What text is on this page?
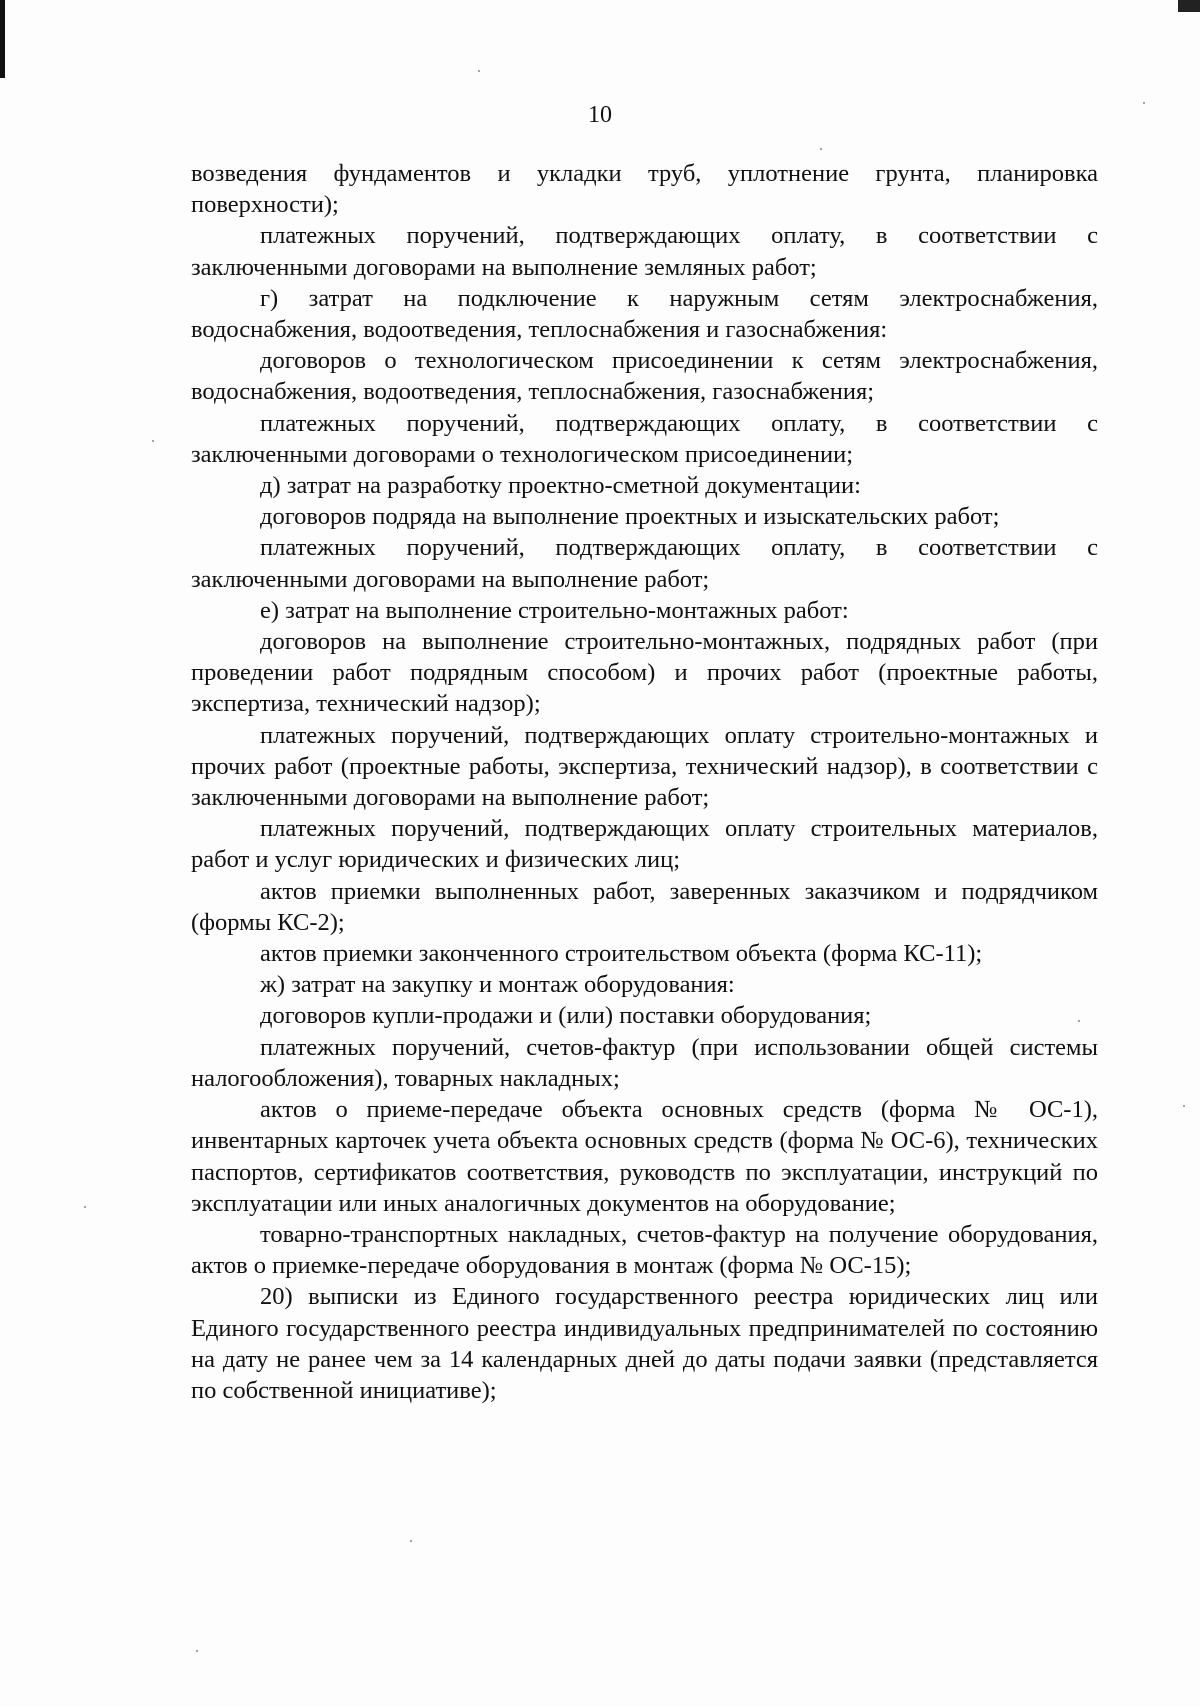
10

возведения фундаментов и укладки труб, уплотнение грунта, планировка поверхности);

платежных поручений, подтверждающих оплату, в соответствии с заключенными договорами на выполнение земляных работ;

г) затрат на подключение к наружным сетям электроснабжения, водоснабжения, водоотведения, теплоснабжения и газоснабжения:

договоров о технологическом присоединении к сетям электроснабжения, водоснабжения, водоотведения, теплоснабжения, газоснабжения;

платежных поручений, подтверждающих оплату, в соответствии с заключенными договорами о технологическом присоединении;

д) затрат на разработку проектно-сметной документации:

договоров подряда на выполнение проектных и изыскательских работ;

платежных поручений, подтверждающих оплату, в соответствии с заключенными договорами на выполнение работ;

е) затрат на выполнение строительно-монтажных работ:

договоров на выполнение строительно-монтажных, подрядных работ (при проведении работ подрядным способом) и прочих работ (проектные работы, экспертиза, технический надзор);

платежных поручений, подтверждающих оплату строительно-монтажных и прочих работ (проектные работы, экспертиза, технический надзор), в соответствии с заключенными договорами на выполнение работ;

платежных поручений, подтверждающих оплату строительных материалов, работ и услуг юридических и физических лиц;

актов приемки выполненных работ, заверенных заказчиком и подрядчиком (формы КС-2);

актов приемки законченного строительством объекта (форма КС-11);

ж) затрат на закупку и монтаж оборудования:

договоров купли-продажи и (или) поставки оборудования;

платежных поручений, счетов-фактур (при использовании общей системы налогообложения), товарных накладных;

актов о приеме-передаче объекта основных средств (форма № ОС-1), инвентарных карточек учета объекта основных средств (форма № ОС-6), технических паспортов, сертификатов соответствия, руководств по эксплуатации, инструкций по эксплуатации или иных аналогичных документов на оборудование;

товарно-транспортных накладных, счетов-фактур на получение оборудования, актов о приемке-передаче оборудования в монтаж (форма № ОС-15);

20) выписки из Единого государственного реестра юридических лиц или Единого государственного реестра индивидуальных предпринимателей по состоянию на дату не ранее чем за 14 календарных дней до даты подачи заявки (представляется по собственной инициативе);
